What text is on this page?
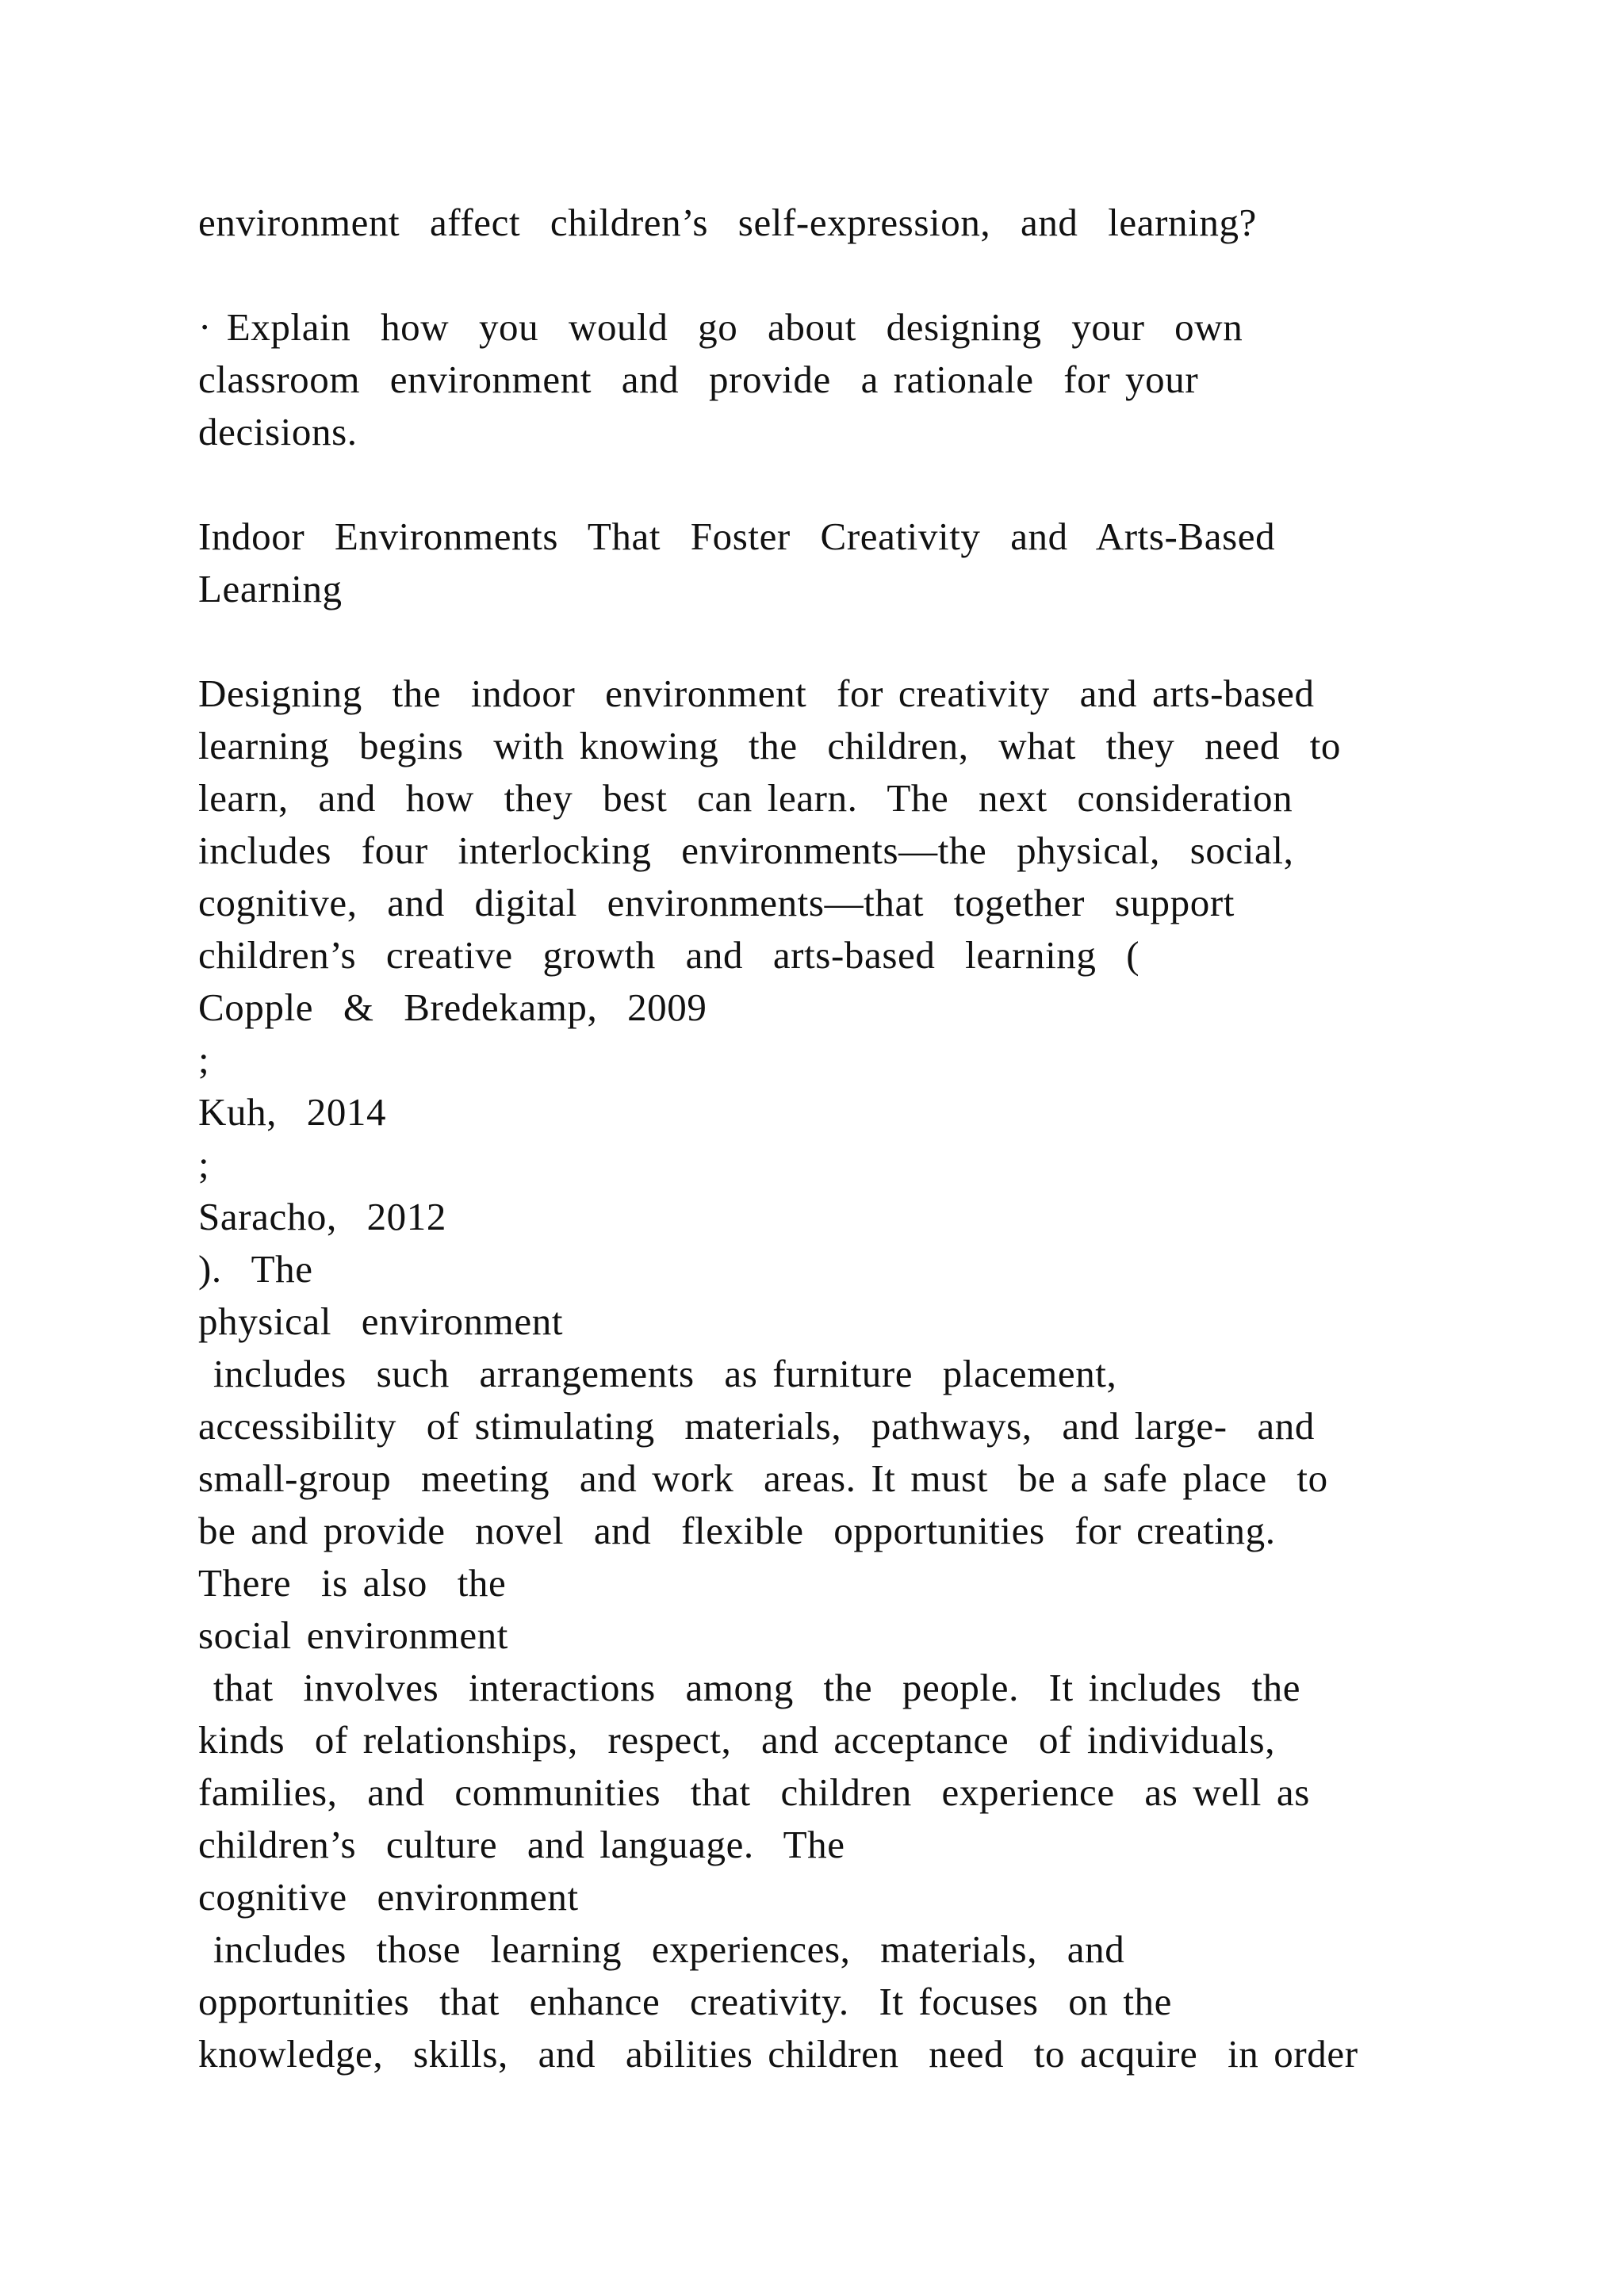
environment  affect  children’s  self-expression,  and  learning?
· Explain  how  you  would  go  about  designing  your  own
classroom  environment  and  provide  a rationale  for your
decisions.
Indoor  Environments  That  Foster  Creativity  and  Arts-Based
Learning
Designing  the  indoor  environment  for creativity  and arts-based
learning  begins  with knowing  the  children,  what  they  need  to
learn,  and  how  they  best  can learn.  The  next  consideration
includes  four  interlocking  environments—the  physical,  social,
cognitive,  and  digital  environments—that  together  support
children’s  creative  growth  and  arts-based  learning  (
Copple  &  Bredekamp,  2009
;
Kuh,  2014
;
Saracho,  2012
).  The
physical  environment
includes  such  arrangements  as furniture  placement,
accessibility  of stimulating  materials,  pathways,  and large-  and
small-group  meeting  and work  areas. It must  be a safe place  to
be and provide  novel  and  flexible  opportunities  for creating.
There  is also  the
social environment
that  involves  interactions  among  the  people.  It includes  the
kinds  of relationships,  respect,  and acceptance  of individuals,
families,  and  communities  that  children  experience  as well as
children’s  culture  and language.  The
cognitive  environment
includes  those  learning  experiences,  materials,  and
opportunities  that  enhance  creativity.  It focuses  on the
knowledge,  skills,  and  abilities children  need  to acquire  in order
